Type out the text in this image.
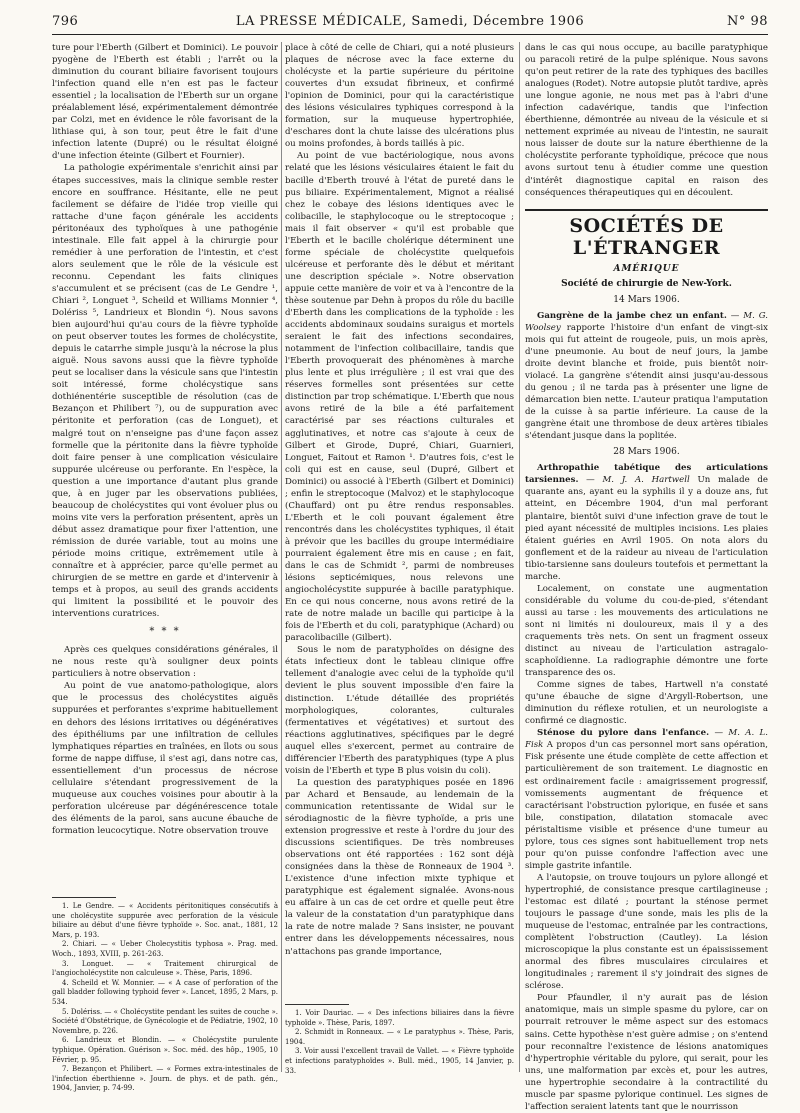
796	LA PRESSE MÉDICALE, Samedi, Décembre 1906	N° 98

ture pour l'Eberth (Gilbert et Dominici). Le pouvoir pyogène de l'Eberth est établi ; l'arrêt ou la diminution du courant biliaire favorisent toujours l'infection quand elle n'en est pas le facteur essentiel ; la localisation de l'Eberth sur un organe préalablement lésé, expérimentalement démontrée par Colzi, met en évidence le rôle favorisant de la lithiase qui, à son tour, peut être le fait d'une infection latente (Dupré) ou le résultat éloigné d'une infection éteinte (Gilbert et Fournier).

La pathologie expérimentale s'enrichit ainsi par étapes successives, mais la clinique semble rester encore en souffrance. Hésitante, elle ne peut facilement se défaire de l'idée trop vieille qui rattache d'une façon générale les accidents péritonéaux des typhoïques à une pathogénie intestinale. Elle fait appel à la chirurgie pour remédier à une perforation de l'intestin, et c'est alors seulement que le rôle de la vésicule est reconnu. Cependant les faits cliniques s'accumulent et se précisent (cas de Le Gendre ¹, Chiari ², Longuet ³, Scheild et Williams Monnier ⁴, Dolériss ⁵, Landrieux et Blondin ⁶). Nous savons bien aujourd'hui qu'au cours de la fièvre typhoïde on peut observer toutes les formes de cholécystite, depuis le catarrhe simple jusqu'à la nécrose la plus aiguë. Nous savons aussi que la fièvre typhoïde peut se localiser dans la vésicule sans que l'intestin soit intéressé, forme cholécystique sans dothiénentérie susceptible de résolution (cas de Bezançon et Philibert ⁷), ou de suppuration avec péritonite et perforation (cas de Longuet), et malgré tout on n'enseigne pas d'une façon assez formelle que la péritonite dans la fièvre typhoïde doit faire penser à une complication vésiculaire suppurée ulcéreuse ou perforante. En l'espèce, la question a une importance d'autant plus grande que, à en juger par les observations publiées, beaucoup de cholécystites qui vont évoluer plus ou moins vite vers la perforation présentent, après un début assez dramatique pour fixer l'attention, une rémission de durée variable, tout au moins une période moins critique, extrêmement utile à connaître et à apprécier, parce qu'elle permet au chirurgien de se mettre en garde et d'intervenir à temps et à propos, au seuil des grands accidents qui limitent la possibilité et le pouvoir des interventions curatrices.

* * *

Après ces quelques considérations générales, il ne nous reste qu'à souligner deux points particuliers à notre observation :

Au point de vue anatomo-pathologique, alors que le processus des cholécystites aiguës suppurées et perforantes s'exprime habituellement en dehors des lésions irritatives ou dégénératives des épithéliums par une infiltration de cellules lymphatiques réparties en traînées, en îlots ou sous forme de nappe diffuse, il s'est agi, dans notre cas, essentiellement d'un processus de nécrose cellulaire s'étendant progressivement de la muqueuse aux couches voisines pour aboutir à la perforation ulcéreuse par dégénérescence totale des éléments de la paroi, sans aucune ébauche de formation leucocytique. Notre observation trouve

1. Le Gendre. — « Accidents péritonitiques consécutifs à une cholécystite suppurée avec perforation de la vésicule biliaire au début d'une fièvre typhoïde ». Soc. anat., 1881, 12 Mars, p. 193.

2. Chiari. — « Ueber Cholecystitis typhosa ». Prag. med. Woch., 1893, XVIII, p. 261-263.

3. Longuet. — « Traitement chirurgical de l'angiocholécystite non calculeuse ». Thèse, Paris, 1896.

4. Scheild et W. Monnier. — « A case of perforation of the gall bladder following typhoid fever ». Lancet, 1895, 2 Mars, p. 534.

5. Dolériss. — « Cholécystite pendant les suites de couche ». Société d'Obstétrique, de Gynécologie et de Pédiatrie, 1902, 10 Novembre, p. 226.

6. Landrieux et Blondin. — « Cholécystite purulente typhique. Opération. Guérison ». Soc. méd. des hôp., 1905, 10 Février, p. 95.

7. Bezançon et Philibert. — « Formes extra-intestinales de l'infection éberthienne ». Journ. de phys. et de path. gén., 1904, Janvier, p. 74-99.

place à côté de celle de Chiari, qui a noté plusieurs plaques de nécrose avec la face externe du cholécyste et la partie supérieure du péritoine couvertes d'un exsudat fibrineux, et confirmé l'opinion de Dominici, pour qui la caractéristique des lésions vésiculaires typhiques correspond à la formation, sur la muqueuse hypertrophiée, d'eschares dont la chute laisse des ulcérations plus ou moins profondes, à bords taillés à pic.

Au point de vue bactériologique, nous avons relaté que les lésions vésiculaires étaient le fait du bacille d'Eberth trouvé à l'état de pureté dans le pus biliaire. Expérimentalement, Mignot a réalisé chez le cobaye des lésions identiques avec le colibacille, le staphylocoque ou le streptocoque ; mais il fait observer « qu'il est probable que l'Eberth et le bacille cholérique déterminent une forme spéciale de cholécystite quelquefois ulcéreuse et perforante dès le début et méritant une description spéciale ». Notre observation appuie cette manière de voir et va à l'encontre de la thèse soutenue par Dehn à propos du rôle du bacille d'Eberth dans les complications de la typhoïde : les accidents abdominaux soudains suraigus et mortels seraient le fait des infections secondaires, notamment de l'infection colibacillaire, tandis que l'Eberth provoquerait des phénomènes à marche plus lente et plus irrégulière ; il est vrai que des réserves formelles sont présentées sur cette distinction par trop schématique. L'Eberth que nous avons retiré de la bile a été parfaitement caractérisé par ses réactions culturales et agglutinatives, et notre cas s'ajoute à ceux de Gilbert et Girode, Dupré, Chiari, Guarnieri, Longuet, Faitout et Ramon ¹. D'autres fois, c'est le coli qui est en cause, seul (Dupré, Gilbert et Dominici) ou associé à l'Eberth (Gilbert et Dominici) ; enfin le streptocoque (Malvoz) et le staphylocoque (Chauffard) ont pu être rendus responsables. L'Eberth et le coli pouvant également être rencontrés dans les cholécystites typhiques, il était à prévoir que les bacilles du groupe intermédiaire pourraient également être mis en cause ; en fait, dans le cas de Schmidt ², parmi de nombreuses lésions septicémiques, nous relevons une angiocholécystite suppurée à bacille paratyphique. En ce qui nous concerne, nous avons retiré de la rate de notre malade un bacille qui participe à la fois de l'Eberth et du coli, paratyphique (Achard) ou paracolibacille (Gilbert).

Sous le nom de paratyphoïdes on désigne des états infectieux dont le tableau clinique offre tellement d'analogie avec celui de la typhoïde qu'il devient le plus souvent impossible d'en faire la distinction. L'étude détaillée des propriétés morphologiques, colorantes, culturales (fermentatives et végétatives) et surtout des réactions agglutinatives, spécifiques par le degré auquel elles s'exercent, permet au contraire de différencier l'Eberth des paratyphiques (type A plus voisin de l'Eberth et type B plus voisin du coli).

La question des paratyphiques posée en 1896 par Achard et Bensaude, au lendemain de la communication retentissante de Widal sur le sérodiagnostic de la fièvre typhoïde, a pris une extension progressive et reste à l'ordre du jour des discussions scientifiques. De très nombreuses observations ont été rapportées : 162 sont déjà consignées dans la thèse de Ronneaux de 1904 ³. L'existence d'une infection mixte typhique et paratyphique est également signalée. Avons-nous eu affaire à un cas de cet ordre et quelle peut être la valeur de la constatation d'un paratyphique dans la rate de notre malade ? Sans insister, ne pouvant entrer dans les développements nécessaires, nous n'attachons pas grande importance,

1. Voir Dauriac. — « Des infections biliaires dans la fièvre typhoïde ». Thèse, Paris, 1897.

2. Schmidt in Ronneaux. — « Le paratyphus ». Thèse, Paris, 1904.

3. Voir aussi l'excellent travail de Vallet. — « Fièvre typhoïde et infections paratyphoïdes ». Bull. méd., 1905, 14 Janvier, p. 33.

dans le cas qui nous occupe, au bacille paratyphique ou paracoli retiré de la pulpe splénique. Nous savons qu'on peut retirer de la rate des typhiques des bacilles analogues (Rodet). Notre autopsie plutôt tardive, après une longue agonie, ne nous met pas à l'abri d'une infection cadavérique, tandis que l'infection éberthienne, démontrée au niveau de la vésicule et si nettement exprimée au niveau de l'intestin, ne saurait nous laisser de doute sur la nature éberthienne de la cholécystite perforante typhoïdique, précoce que nous avons surtout tenu à étudier comme une question d'intérêt diagnostique capital en raison des conséquences thérapeutiques qui en découlent.

SOCIÉTÉS DE L'ÉTRANGER
AMÉRIQUE
Société de chirurgie de New-York.
14 Mars 1906.

Gangrène de la jambe chez un enfant. — M. G. Woolsey rapporte l'histoire d'un enfant de vingt-six mois qui fut atteint de rougeole, puis, un mois après, d'une pneumonie. Au bout de neuf jours, la jambe droite devint blanche et froide, puis bientôt noir-violacé. La gangrène s'étendit ainsi jusqu'au-dessous du genou ; il ne tarda pas à présenter une ligne de démarcation bien nette. L'auteur pratiqua l'amputation de la cuisse à sa partie inférieure. La cause de la gangrène était une thrombose de deux artères tibiales s'étendant jusque dans la poplitée.

28 Mars 1906.

Arthropathie tabétique des articulations tarsiennes. — M. J. A. Hartwell Un malade de quarante ans, ayant eu la syphilis il y a douze ans, fut atteint, en Décembre 1904, d'un mal perforant plantaire, bientôt suivi d'une infection grave de tout le pied ayant nécessité de multiples incisions. Les plaies étaient guéries en Avril 1905. On nota alors du gonflement et de la raideur au niveau de l'articulation tibio-tarsienne sans douleurs toutefois et permettant la marche.

Localement, on constate une augmentation considérable du volume du cou-de-pied, s'étendant aussi au tarse : les mouvements des articulations ne sont ni limités ni douloureux, mais il y a des craquements très nets. On sent un fragment osseux distinct au niveau de l'articulation astragalo-scaphoïdienne. La radiographie démontre une forte transparence des os.

Comme signes de tabes, Hartwell n'a constaté qu'une ébauche de signe d'Argyll-Robertson, une diminution du réflexe rotulien, et un neurologiste a confirmé ce diagnostic.

Sténose du pylore dans l'enfance. — M. A. L. Fisk A propos d'un cas personnel mort sans opération, Fisk présente une étude complète de cette affection et particulièrement de son traitement. Le diagnostic en est ordinairement facile : amaigrissement progressif, vomissements augmentant de fréquence et caractérisant l'obstruction pylorique, en fusée et sans bile, constipation, dilatation stomacale avec péristaltisme visible et présence d'une tumeur au pylore, tous ces signes sont habituellement trop nets pour qu'on puisse confondre l'affection avec une simple gastrite infantile.

A l'autopsie, on trouve toujours un pylore allongé et hypertrophié, de consistance presque cartilagineuse ; l'estomac est dilaté ; pourtant la sténose permet toujours le passage d'une sonde, mais les plis de la muqueuse de l'estomac, entraînée par les contractions, complètent l'obstruction (Cautley). La lésion microscopique la plus constante est un épaississement anormal des fibres musculaires circulaires et longitudinales ; rarement il s'y joindrait des signes de sclérose.

Pour Pfaundler, il n'y aurait pas de lésion anatomique, mais un simple spasme du pylore, car on pourrait retrouver le même aspect sur des estomacs sains. Cette hypothèse n'est guère admise ; on s'entend pour reconnaître l'existence de lésions anatomiques d'hypertrophie véritable du pylore, qui serait, pour les uns, une malformation par excès et, pour les autres, une hypertrophie secondaire à la contractilité du muscle par spasme pylorique continuel. Les signes de l'affection seraient latents tant que le nourrisson
